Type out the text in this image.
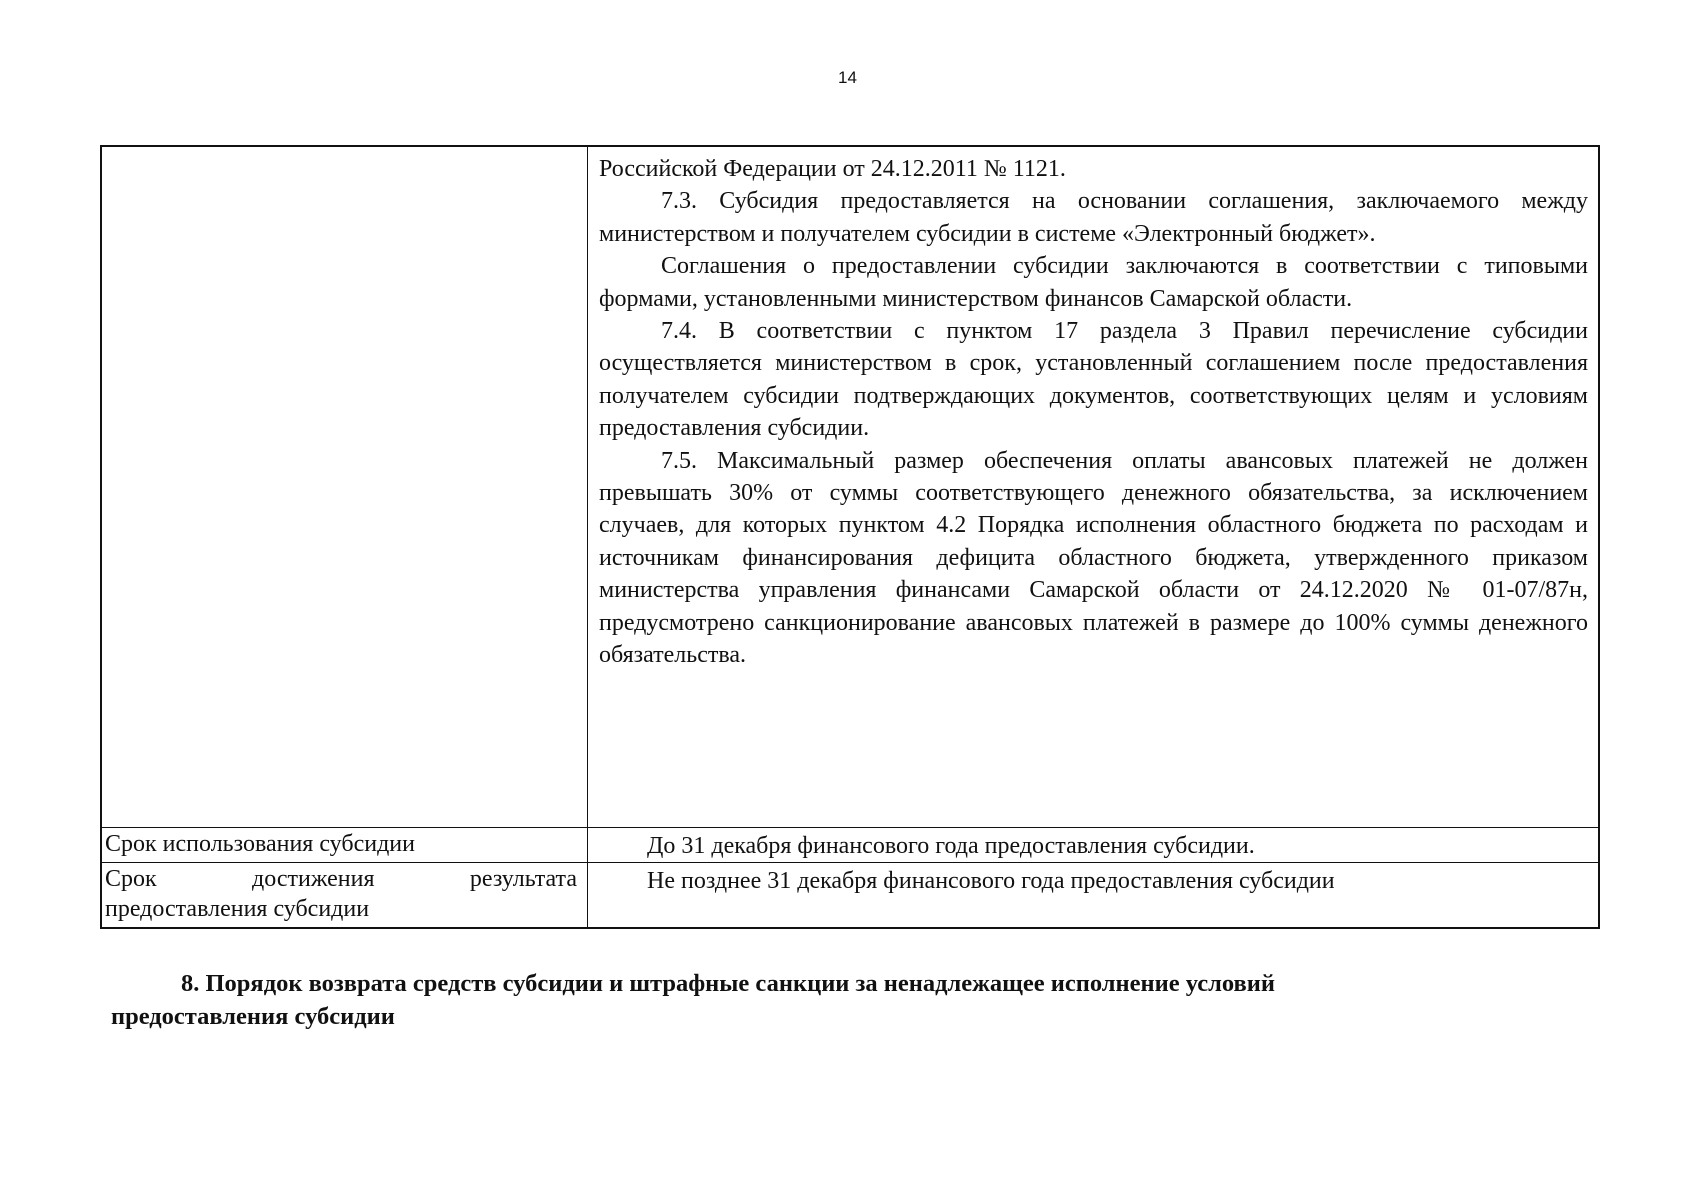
14

Российской Федерации от 24.12.2011 № 1121.

7.3. Субсидия предоставляется на основании соглашения, заключаемого между министерством и получателем субсидии в системе «Электронный бюджет».

Соглашения о предоставлении субсидии заключаются в соответствии с типовыми формами, установленными министерством финансов Самарской области.

7.4. В соответствии с пунктом 17 раздела 3 Правил перечисление субсидии осуществляется министерством в срок, установленный соглашением после предоставления получателем субсидии подтверждающих документов, соответствующих целям и условиям предоставления субсидии.

7.5. Максимальный размер обеспечения оплаты авансовых платежей не должен превышать 30% от суммы соответствующего денежного обязательства, за исключением случаев, для которых пунктом 4.2 Порядка исполнения областного бюджета по расходам и источникам финансирования дефицита областного бюджета, утвержденного приказом министерства управления финансами Самарской области от 24.12.2020 № 01-07/87н, предусмотрено санкционирование авансовых платежей в размере до 100% суммы денежного обязательства.

Срок использования субсидии	До 31 декабря финансового года предоставления субсидии.
Срок достижения результата
предоставления субсидии
Не позднее 31 декабря финансового года предоставления субсидии

8. Порядок возврата средств субсидии и штрафные санкции за ненадлежащее исполнение условий
предоставления субсидии
